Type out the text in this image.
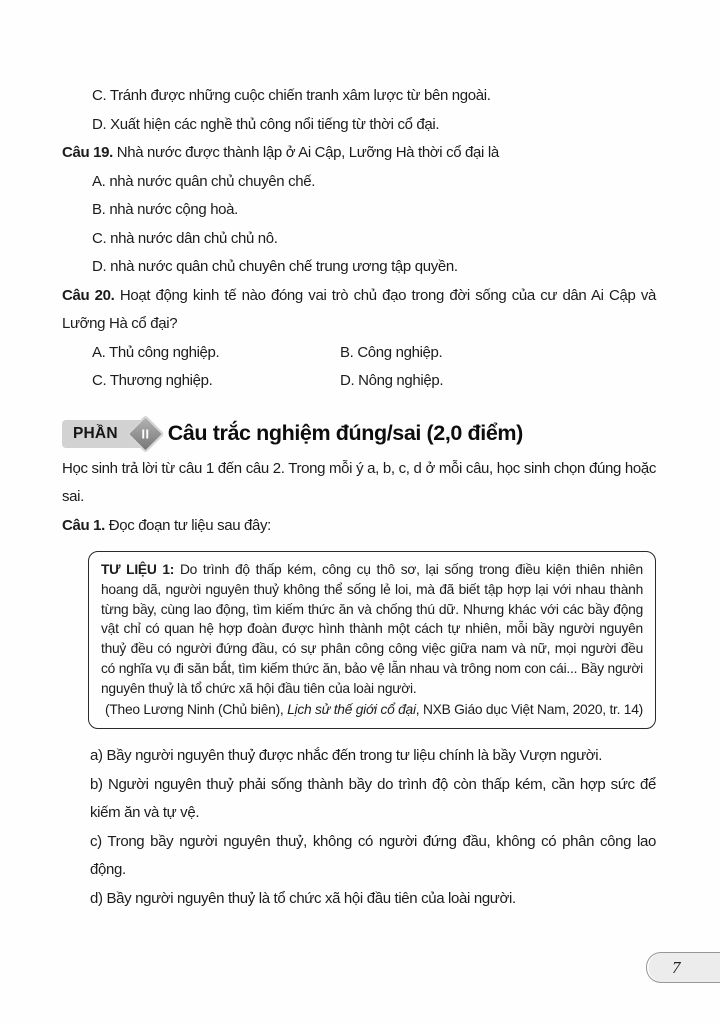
C. Tránh được những cuộc chiến tranh xâm lược từ bên ngoài.

D. Xuất hiện các nghề thủ công nổi tiếng từ thời cổ đại.

Câu 19. Nhà nước được thành lập ở Ai Cập, Lưỡng Hà thời cổ đại là

A. nhà nước quân chủ chuyên chế.

B. nhà nước cộng hoà.

C. nhà nước dân chủ chủ nô.

D. nhà nước quân chủ chuyên chế trung ương tập quyền.

Câu 20. Hoạt động kinh tế nào đóng vai trò chủ đạo trong đời sống của cư dân Ai Cập và Lưỡng Hà cổ đại?

A. Thủ công nghiệp.	B. Công nghiệp.

C. Thương nghiệp.	D. Nông nghiệp.

PHẦN II Câu trắc nghiệm đúng/sai (2,0 điểm)

Học sinh trả lời từ câu 1 đến câu 2. Trong mỗi ý a, b, c, d ở mỗi câu, học sinh chọn đúng hoặc sai.

Câu 1. Đọc đoạn tư liệu sau đây:

TƯ LIỆU 1: Do trình độ thấp kém, công cụ thô sơ, lại sống trong điều kiện thiên nhiên hoang dã, người nguyên thuỷ không thể sống lẻ loi, mà đã biết tập hợp lại với nhau thành từng bầy, cùng lao động, tìm kiếm thức ăn và chống thú dữ. Nhưng khác với các bầy động vật chỉ có quan hệ hợp đoàn được hình thành một cách tự nhiên, mỗi bầy người nguyên thuỷ đều có người đứng đầu, có sự phân công công việc giữa nam và nữ, mọi người đều có nghĩa vụ đi săn bắt, tìm kiếm thức ăn, bảo vệ lẫn nhau và trông nom con cái... Bầy người nguyên thuỷ là tổ chức xã hội đầu tiên của loài người.

(Theo Lương Ninh (Chủ biên), Lịch sử thế giới cổ đại, NXB Giáo dục Việt Nam, 2020, tr. 14)

a) Bầy người nguyên thuỷ được nhắc đến trong tư liệu chính là bầy Vượn người.

b) Người nguyên thuỷ phải sống thành bầy do trình độ còn thấp kém, cần hợp sức để kiếm ăn và tự vệ.

c) Trong bầy người nguyên thuỷ, không có người đứng đầu, không có phân công lao động.

d) Bầy người nguyên thuỷ là tổ chức xã hội đầu tiên của loài người.

7
